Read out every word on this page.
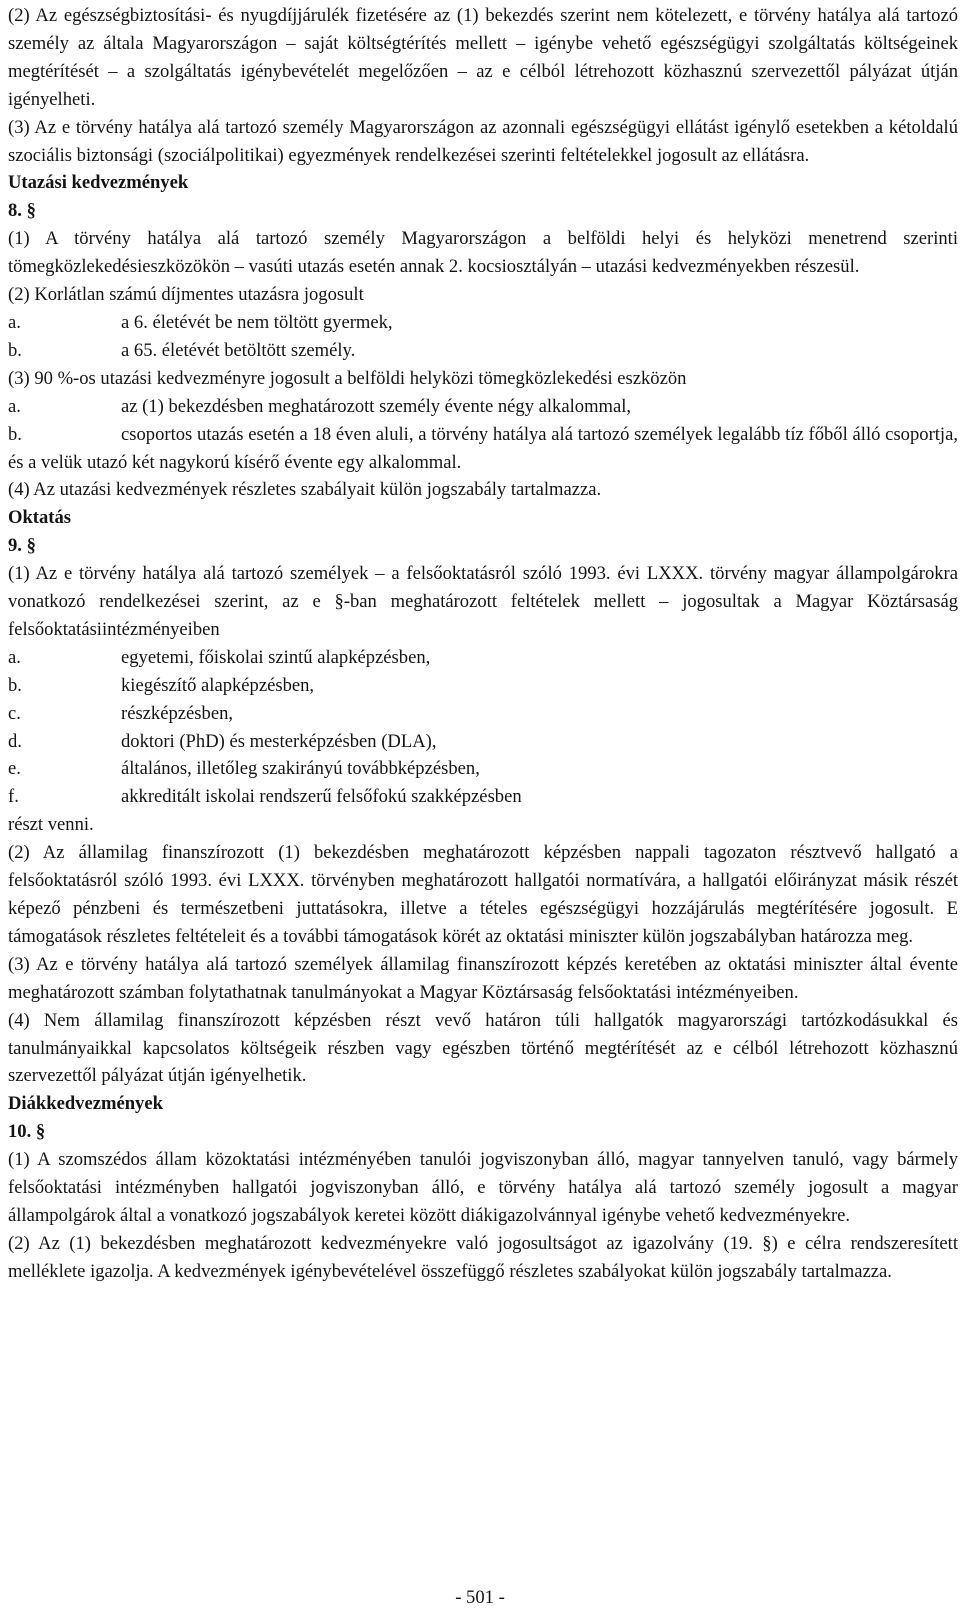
(2) Az egészségbiztosítási- és nyugdíjjárulék fizetésére az (1) bekezdés szerint nem kötelezett, e törvény hatálya alá tartozó személy az általa Magyarországon – saját költségtérítés mellett – igénybe vehető egészségügyi szolgáltatás költségeinek megtérítését – a szolgáltatás igénybevételét megelőzően – az e célból létrehozott közhasznú szervezettől pályázat útján igényelheti.

(3) Az e törvény hatálya alá tartozó személy Magyarországon az azonnali egészségügyi ellátást igénylő esetekben a kétoldalú szociális biztonsági (szociálpolitikai) egyezmények rendelkezései szerinti feltételekkel jogosult az ellátásra.

Utazási kedvezmények

8. §

(1) A törvény hatálya alá tartozó személy Magyarországon a belföldi helyi és helyközi menetrend szerinti tömegközlekedésieszközökön – vasúti utazás esetén annak 2. kocsiosztályán – utazási kedvezményekben részesül.

(2) Korlátlan számú díjmentes utazásra jogosult

a.	a 6. életévét be nem töltött gyermek,
b.	a 65. életévét betöltött személy.

(3) 90 %-os utazási kedvezményre jogosult a belföldi helyközi tömegközlekedési eszközön

a.	az (1) bekezdésben meghatározott személy évente négy alkalommal,
b.	csoportos utazás esetén a 18 éven aluli, a törvény hatálya alá tartozó személyek legalább tíz főből álló csoportja, és a velük utazó két nagykorú kísérő évente egy alkalommal.

(4) Az utazási kedvezmények részletes szabályait külön jogszabály tartalmazza.

Oktatás

9. §

(1) Az e törvény hatálya alá tartozó személyek – a felsőoktatásról szóló 1993. évi LXXX. törvény magyar állampolgárokra vonatkozó rendelkezései szerint, az e §-ban meghatározott feltételek mellett – jogosultak a Magyar Köztársaság felsőoktatásiintézményeiben

a.	egyetemi, főiskolai szintű alapképzésben,
b.	kiegészítő alapképzésben,
c.	részképzésben,
d.	doktori (PhD) és mesterképzésben (DLA),
e.	általános, illetőleg szakirányú továbbképzésben,
f.	akkreditált iskolai rendszerű felsőfokú szakképzésben

részt venni.

(2) Az államilag finanszírozott (1) bekezdésben meghatározott képzésben nappali tagozaton résztvevő hallgató a felsőoktatásról szóló 1993. évi LXXX. törvényben meghatározott hallgatói normatívára, a hallgatói előirányzat másik részét képező pénzbeni és természetbeni juttatásokra, illetve a tételes egészségügyi hozzájárulás megtérítésére jogosult. E támogatások részletes feltételeit és a további támogatások körét az oktatási miniszter külön jogszabályban határozza meg.

(3) Az e törvény hatálya alá tartozó személyek államilag finanszírozott képzés keretében az oktatási miniszter által évente meghatározott számban folytathatnak tanulmányokat a Magyar Köztársaság felsőoktatási intézményeiben.

(4) Nem államilag finanszírozott képzésben részt vevő határon túli hallgatók magyarországi tartózkodásukkal és tanulmányaikkal kapcsolatos költségeik részben vagy egészben történő megtérítését az e célból létrehozott közhasznú szervezettől pályázat útján igényelhetik.

Diákkedvezmények

10. §

(1) A szomszédos állam közoktatási intézményében tanulói jogviszonyban álló, magyar tannyelven tanuló, vagy bármely felsőoktatási intézményben hallgatói jogviszonyban álló, e törvény hatálya alá tartozó személy jogosult a magyar állampolgárok által a vonatkozó jogszabályok keretei között diákigazolvánnyal igénybe vehető kedvezményekre.

(2) Az (1) bekezdésben meghatározott kedvezményekre való jogosultságot az igazolvány (19. §) e célra rendszeresített melléklete igazolja. A kedvezmények igénybevételével összefüggő részletes szabályokat külön jogszabály tartalmazza.

- 501 -
